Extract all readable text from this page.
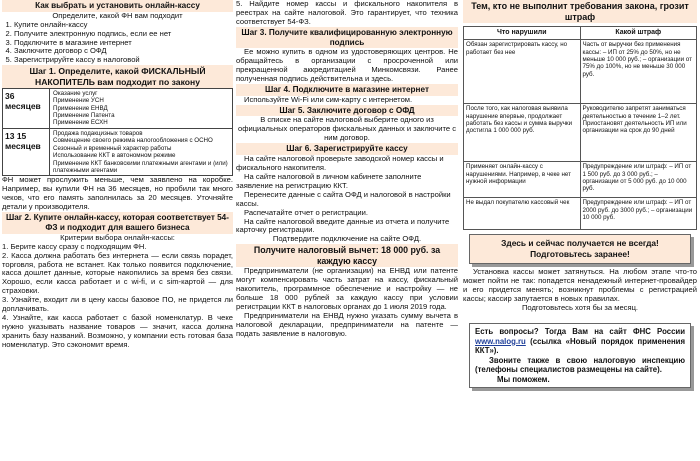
Как выбрать и установить онлайн-кассу

Определите, какой ФН вам подходит

1. Купите онлайн-кассу
2. Получите электронную подпись, если ее нет
3. Подключите в магазине интернет
4. Заключите договор с ОФД
5. Зарегистрируйте кассу в налоговой
Шаг 1. Определите, какой ФИСКАЛЬНЫЙ НАКОПИТЕЛЬ вам подходит по закону
36 месяцев	Оказание услуг
Применение УСН
Применение ЕНВД
Применение Патента
Применение ЕСХН

13 15 месяцев	Продажа подакцизных товаров
Совмещение своего режима налогообложения с ОСНО
Сезонный и временный характер работы
Использование ККТ в автономном режиме
Применение ККТ банковскими платежными агентами и (или) платежными агентами

ФН может прослужить меньше, чем заявлено на коробке. Например, вы купили ФН на 36 месяцев, но пробили так много чеков, что его память заполнилась за 20 месяцев. Уточняйте детали у производителя.

Шаг 2. Купите онлайн-кассу, которая соответствует 54-ФЗ и подходит для вашего бизнеса

Критерии выбора онлайн-кассы:

1. Берите кассу сразу с подходящим ФН.

2. Касса должна работать без интернета — если связь порадет, торговля, работа не встанет. Как только появится подключение, касса дошлет данные, которые накопились за время без связи. Хорошо, если касса работает и с wi-fi, и с sim-картой — для страховки.

3. Узнайте, входит ли в цену кассы базовое ПО, не придется ли доплачивать.

4. Узнайте, как касса работает с базой номенклатур. В чеке нужно указывать название товаров — значит, касса должна хранить базу названий. Возможно, у компании есть готовая база номенклатур. Это сэкономит время.

5. Найдите номер кассы и фискального накопителя в реестрах на сайте налоговой. Это гарантирует, что техника соответствует 54-ФЗ.

Шаг 3. Получите квалифицированную электронную подпись

Ее можно купить в одном из удостоверяющих центров. Не обращайтесь в организации с просроченной или прекращенной аккредитацией Минкомсвязи. Ранее полученная подпись действительна и здесь.

Шаг 4. Подключите в магазине интернет

Используйте Wi-Fi или сим-карту с интернетом.

Шаг 5. Заключите договор с ОФД

В списке на сайте налоговой выберите одного из официальных операторов фискальных данных и заключите с ним договор.

Шаг 6. Зарегистрируйте кассу

На сайте налоговой проверьте заводской номер кассы и фискального накопителя.

На сайте налоговой в личном кабинете заполните заявление на регистрацию ККТ.

Перенесите данные с сайта ОФД и налоговой в настройки кассы.

Распечатайте отчет о регистрации.

На сайте налоговой введите данные из отчета и получите карточку регистрации.

Подтвердите подключение на сайте ОФД.

Получите налоговый вычет: 18 000 руб. за каждую кассу

Предприниматели (не организации) на ЕНВД или патенте могут компенсировать часть затрат на кассу, фискальный накопитель, программное обеспечение и настройку — не больше 18 000 рублей за каждую кассу при условии регистрации ККТ в налоговых органах до 1 июля 2019 года.

Предприниматели на ЕНВД нужно указать сумму вычета в налоговой декларации, предприниматели на патенте — подать заявление в налоговую.

Тем, кто не выполнит требования закона, грозит штраф
Что нарушили	Какой штраф
Обязан зарегистрировать кассу, но работает без нее	Часть от выручки без применения кассы: – ИП от 25% до 50%, но не меньше 10 000 руб.; – организации от 75% до 100%, но не меньше 30 000 руб.
После того, как налоговая выявила нарушение впервые, продолжает работать без кассы и сумма выручки достигла 1 000 000 руб.	Руководителю запретят заниматься деятельностью в течение 1–2 лет. Приостановят деятельность ИП или организации на срок до 90 дней
Применяет онлайн-кассу с нарушениями. Например, в чеке нет нужной информации	Предупреждение или штраф: – ИП от 1 500 руб. до 3 000 руб.; – организации от 5 000 руб. до 10 000 руб.
Не выдал покупателю кассовый чек	Предупреждение или штраф: – ИП от 2000 руб. до 3000 руб.; – организации 10 000 руб.
Здесь и сейчас получается не всегда!
Подготовьтесь заранее!

Установка кассы может затянуться. На любом этапе что-то может пойти не так: попадется ненадежный интернет-провайдер и его придется менять; возникнут проблемы с регистрацией кассы; кассир запутается в новых правилах.

Подготовьтесь хотя бы за месяц.

Есть вопросы? Тогда Вам на сайт ФНС России www.nalog.ru (ссылка «Новый порядок применения ККТ»).

Звоните также в свою налоговую инспекцию (телефоны специалистов размещены на сайте).

Мы поможем.
